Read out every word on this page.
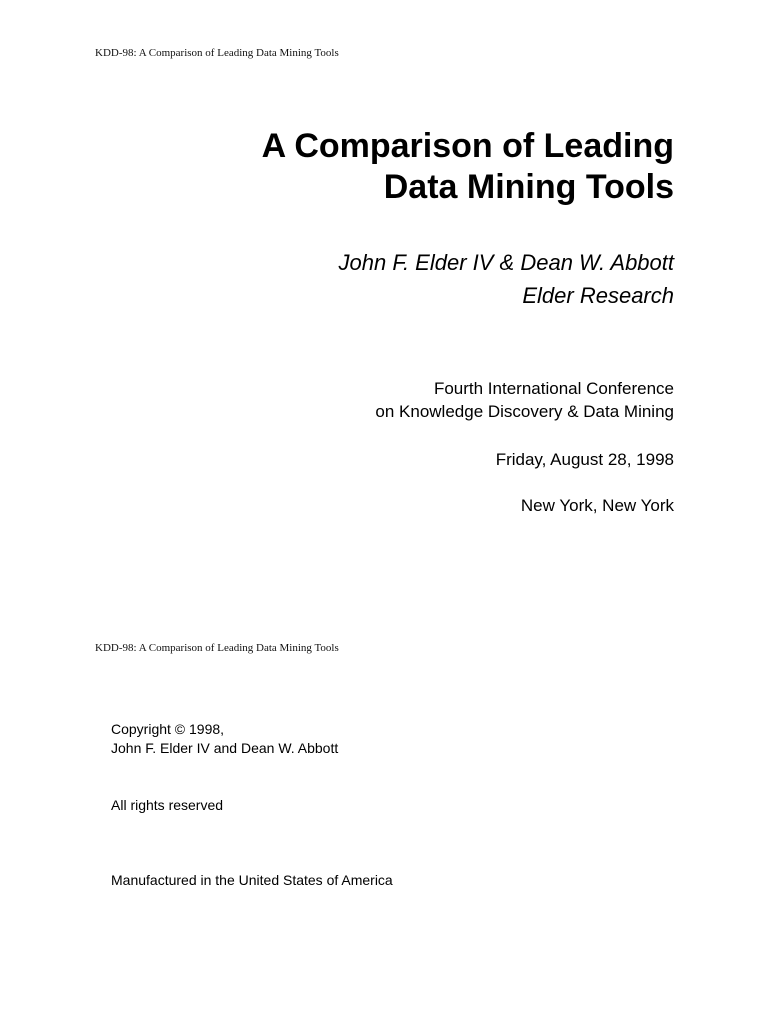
KDD-98: A Comparison of Leading Data Mining Tools
A Comparison of Leading
Data Mining Tools
John F. Elder IV & Dean W. Abbott
Elder Research
Fourth International Conference
on Knowledge Discovery & Data Mining
Friday, August 28, 1998
New York, New York
KDD-98: A Comparison of Leading Data Mining Tools
Copyright © 1998,
John F. Elder IV and Dean W. Abbott
All rights reserved
Manufactured in the United States of America
